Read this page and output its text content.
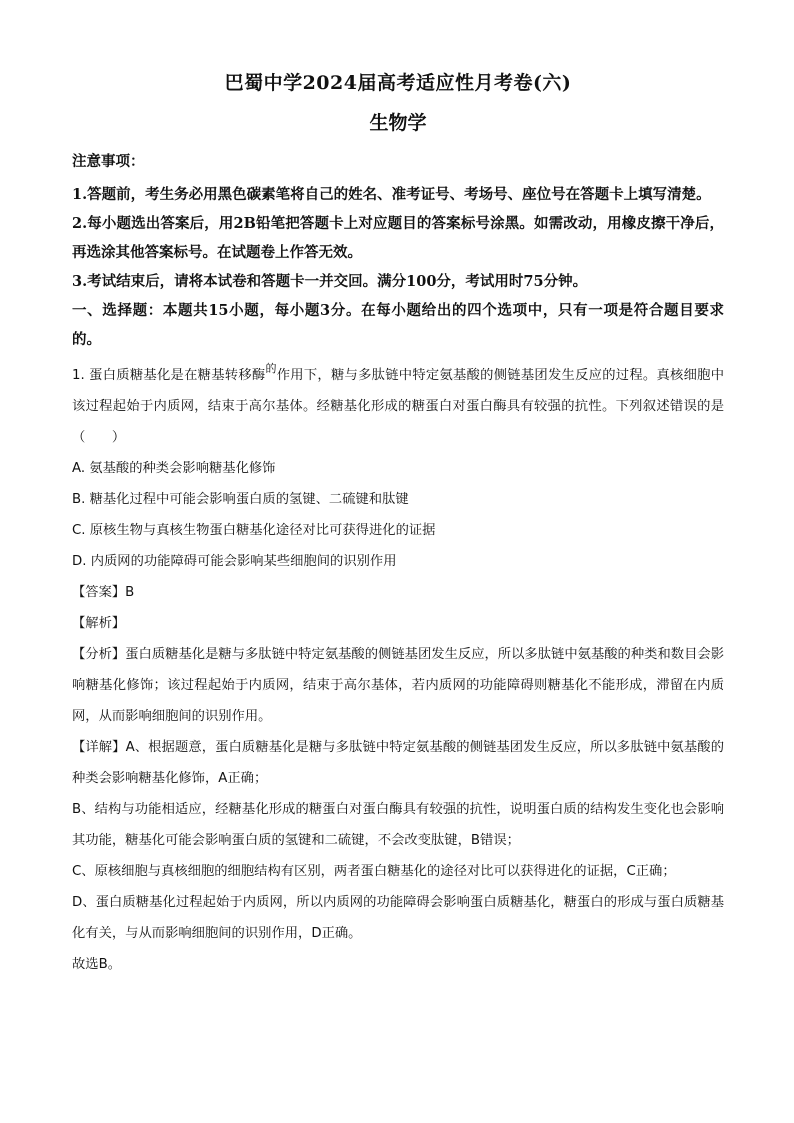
巴蜀中学2024届高考适应性月考卷(六)
生物学
注意事项：

1.答题前，考生务必用黑色碳素笔将自己的姓名、准考证号、考场号、座位号在答题卡上填写清楚。

2.每小题选出答案后，用2B铅笔把答题卡上对应题目的答案标号涂黑。如需改动，用橡皮擦干净后，再选涂其他答案标号。在试题卷上作答无效。

3.考试结束后，请将本试卷和答题卡一并交回。满分100分，考试用时75分钟。

一、选择题：本题共15小题，每小题3分。在每小题给出的四个选项中，只有一项是符合题目要求的。

1. 蛋白质糖基化是在糖基转移酶$^的$作用下，糖与多肽链中特定氨基酸的侧链基团发生反应的过程。真核细胞中该过程起始于内质网，结束于高尔基体。经糖基化形成的糖蛋白对蛋白酶具有较强的抗性。下列叙述错误的是（　　）

A. 氨基酸的种类会影响糖基化修饰

B. 糖基化过程中可能会影响蛋白质的氢键、二硫键和肽键

C. 原核生物与真核生物蛋白糖基化途径对比可获得进化的证据

D. 内质网的功能障碍可能会影响某些细胞间的识别作用

【答案】B

【解析】

【分析】蛋白质糖基化是糖与多肽链中特定氨基酸的侧链基团发生反应，所以多肽链中氨基酸的种类和数目会影响糖基化修饰；该过程起始于内质网，结束于高尔基体，若内质网的功能障碍则糖基化不能形成，滞留在内质网，从而影响细胞间的识别作用。

【详解】A、根据题意，蛋白质糖基化是糖与多肽链中特定氨基酸的侧链基团发生反应，所以多肽链中氨基酸的种类会影响糖基化修饰，A正确；

B、结构与功能相适应，经糖基化形成的糖蛋白对蛋白酶具有较强的抗性，说明蛋白质的结构发生变化也会影响其功能，糖基化可能会影响蛋白质的氢键和二硫键，不会改变肽键，B错误；

C、原核细胞与真核细胞的细胞结构有区别，两者蛋白糖基化的途径对比可以获得进化的证据，C正确；

D、蛋白质糖基化过程起始于内质网，所以内质网的功能障碍会影响蛋白质糖基化，糖蛋白的形成与蛋白质糖基化有关，与从而影响细胞间的识别作用，D正确。

故选B。
